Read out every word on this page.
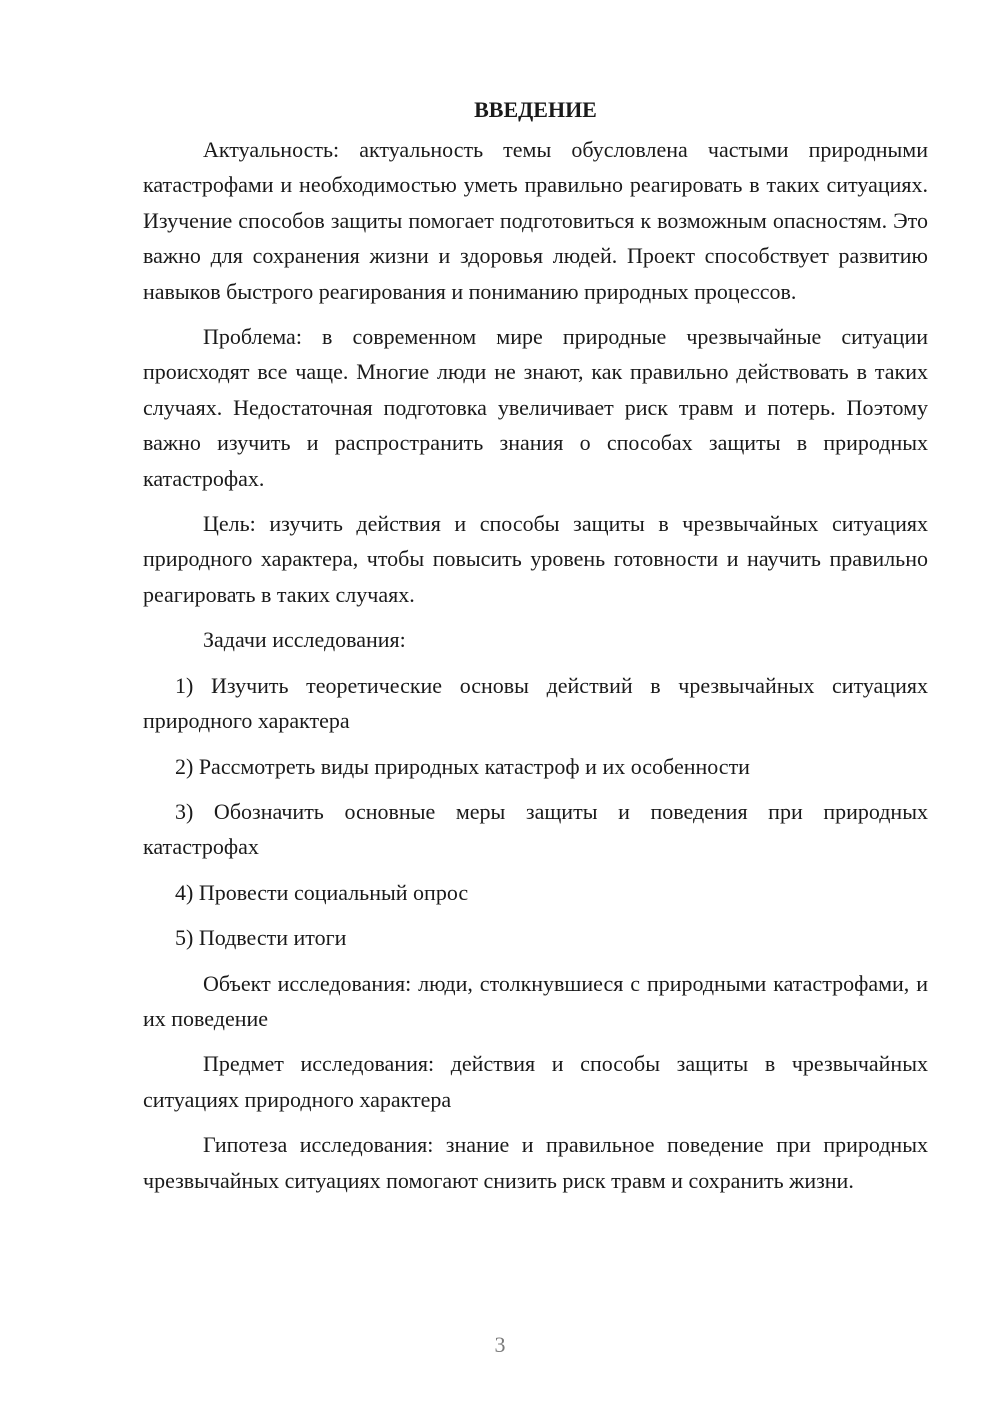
ВВЕДЕНИЕ

Актуальность: актуальность темы обусловлена частыми природными катастрофами и необходимостью уметь правильно реагировать в таких ситуациях. Изучение способов защиты помогает подготовиться к возможным опасностям. Это важно для сохранения жизни и здоровья людей. Проект способствует развитию навыков быстрого реагирования и пониманию природных процессов.

Проблема: в современном мире природные чрезвычайные ситуации происходят все чаще. Многие люди не знают, как правильно действовать в таких случаях. Недостаточная подготовка увеличивает риск травм и потерь. Поэтому важно изучить и распространить знания о способах защиты в природных катастрофах.

Цель: изучить действия и способы защиты в чрезвычайных ситуациях природного характера, чтобы повысить уровень готовности и научить правильно реагировать в таких случаях.

Задачи исследования:

1) Изучить теоретические основы действий в чрезвычайных ситуациях природного характера

2) Рассмотреть виды природных катастроф и их особенности

3) Обозначить основные меры защиты и поведения при природных катастрофах

4) Провести социальный опрос

5) Подвести итоги

Объект исследования: люди, столкнувшиеся с природными катастрофами, и их поведение

Предмет исследования: действия и способы защиты в чрезвычайных ситуациях природного характера

Гипотеза исследования: знание и правильное поведение при природных чрезвычайных ситуациях помогают снизить риск травм и сохранить жизни.

3
